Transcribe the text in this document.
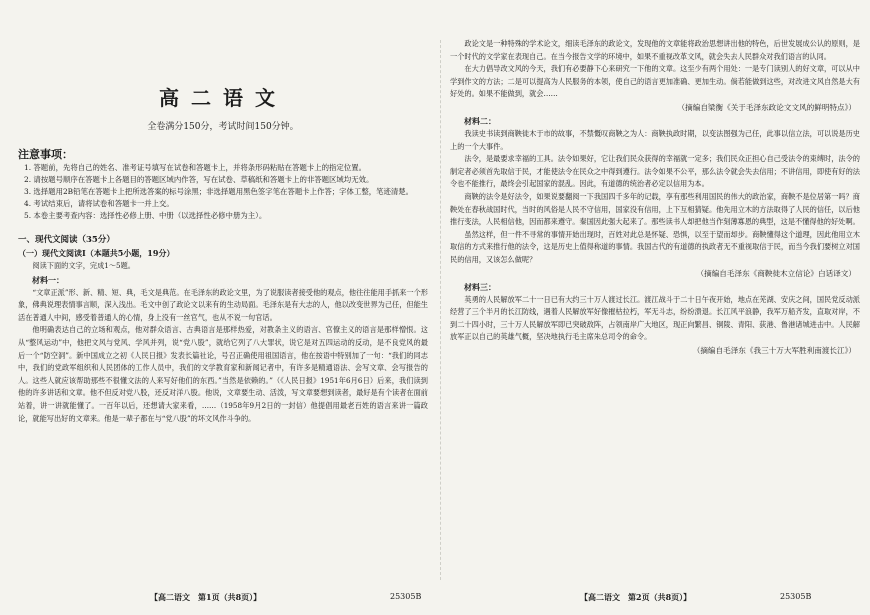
高二语文
全卷满分150分，考试时间150分钟。
注意事项：
1. 答题前，先将自己的姓名、准考证号填写在试卷和答题卡上，并将条形码粘贴在答题卡上的指定位置。
2. 请按题号顺序在答题卡上各题目的答题区域内作答，写在试卷、草稿纸和答题卡上的非答题区域均无效。
3. 选择题用2B铅笔在答题卡上把所选答案的标号涂黑；非选择题用黑色签字笔在答题卡上作答；字体工整，笔迹清楚。
4. 考试结束后，请将试卷和答题卡一并上交。
5. 本卷主要考查内容：选择性必修上册、中册（以选择性必修中册为主）。
一、现代文阅读（35分）
（一）现代文阅读Ⅰ（本题共5小题，19分）
阅读下面的文字，完成1～5题。
材料一：

“文章正派”形、新、精、短、典，毛文是典范。在毛泽东的政论文里，为了说服读者接受他的观点，他往往能用手抓来一个形象，佛典说理表情事言顺，深入浅出。毛文中创了政论文以来有的生动局面。毛泽东是有大志的人，他以改变世界为己任，但能生活在普通人中间，感受着普通人的心情，身上没有一丝官气，也从不说一句官话。

他明确表达自己的立场和观点，他对群众语言、古典语言是那样热爱，对教条主义的语言、官僚主义的语言是那样憎恨。这从“整风运动”中，他把文风与党风、学风并列，说“党八股”，就给它列了八大罪状，说它是对五四运动的反动，是不良党风的最后一个“防空洞”。新中国成立之初《人民日报》发表长篇社论，号召正确使用祖国语言，他在按语中特别加了一句：“我们的同志中，我们的党政军组织和人民团体的工作人员中，我们的文学教育家和新闻记者中，有许多是精通语法、会写文章、会写报告的人。这些人就应该帮助那些不很懂文法的人来写好他们的东西。”当然是依赖的。”（《人民日报》1951年6月6日）后来，我们读到他的许多讲话和文章。他不但反对党八股，还反对洋八股。他说，文章要生动、活泼，写文章要想到读者，最好是有个读者在面前站着，讲一讲就能懂了。一百年以后，还想请大家来看，……（1958年9月2日的一封信）他提倡用最老百姓的语言来讲一篇政论，就能写出好的文章来。他是一辈子都在与“党八股”的坏文风作斗争的。

【高二语文　第1页（共8页）】	25305B

政论文是一种特殊的学术论文，细读毛泽东的政论文，发现他的文章能将政治思想讲出他的特色，后世发展成公认的原则，是一个时代的文学家在表现自己。在当今报告文学的环境中，如果不重视改革文风，就会失去人民群众对我们语言的认同。

在大力倡导改文风的今天，我们有必要静下心来研究一下他的文章。这至少有两个用处：一是专门读别人的好文章，可以从中学到作文的方法；二是可以提高为人民服务的本领，使自己的语言更加准确、更加生动。倘若能做到这些，对改进文风自然是大有好处的。如果不能做到，就会……

（摘编自梁衡《关于毛泽东政论文文风的鲜明特点》）
材料二：

我读史书读到商鞅徙木于市的故事，不禁慨叹商鞅之为人：商鞅执政时期，以变法图强为己任，此事以信立法，可以说是历史上的一个大事件。

法令，是最要求幸福的工具。法令如果好，它让我们民众获得的幸福就一定多；我们民众正担心自己受法令的束缚时，法令的制定者必须首先取信于民，才能使法令在民众之中得到遵行。法令如果不公平，那么法令就会失去信用；不讲信用，即使有好的法令也不能推行，最终会引起国家的混乱。因此，有道德的统治者必定以信用为本。

商鞅的法令是好法令，如果说要翻阅一下我国四千多年的记载，享有那些利用国民的伟大的政治家，商鞅不是位居第一吗？商鞅处在春秋战国时代，当时的风俗是人民不守信用，国家没有信用，上下互相猜疑。他先用立木的方法取得了人民的信任，以后他推行变法，人民相信他，因而都来遵守。秦国因此强大起来了。那些读书人却把他当作刻薄寡恩的典型，这是不懂得他的好处啊。

虽然这样，但一件不寻常的事情开始出现时，百姓对此总是怀疑、恐惧，以至于望而却步。商鞅懂得这个道理，因此他用立木取信的方式来推行他的法令，这是历史上值得称道的事情。我国古代的有道德的执政者无不重视取信于民，而当今我们要树立对国民的信用，又该怎么做呢？

（摘编自毛泽东《商鞅徙木立信论》白话译文）
材料三：

英勇的人民解放军二十一日已有大约三十万人渡过长江。渡江战斗于二十日午夜开始，地点在芜湖、安庆之间，国民党反动派经营了三个半月的长江防线，遇着人民解放军好像摧枯拉朽，军无斗志，纷纷溃退。长江风平浪静，我军万船齐发，直取对岸，不到二十四小时，三十万人民解放军即已突破敌阵，占领南岸广大地区，现正向繁昌、铜陵、青阳、荻港、鲁港诸城进击中。人民解放军正以自己的英雄气概，坚决地执行毛主席朱总司令的命令。

（摘编自毛泽东《我三十万大军胜利南渡长江》）
【高二语文　第2页（共8页）】	25305B
